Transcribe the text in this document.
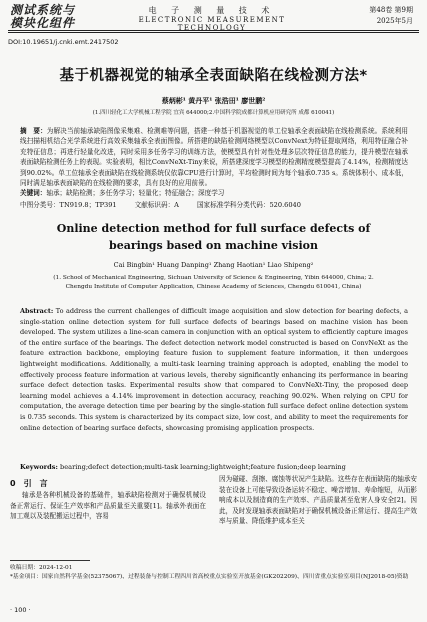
测试系统与 模块化组件
电 子 测 量 技 术
ELECTRONIC MEASUREMENT TECHNOLOGY
第48卷 第9期
2025年5月
DOI:10.19651/j.cnki.emt.2417502
基于机器视觉的轴承全表面缺陷在线检测方法*
蔡炳彬¹ 黄丹平¹ 张浩田¹ 廖世鹏²
(1.四川轻化工大学机械工程学院 宜宾 644000;2.中国科学院成都计算机应用研究所 成都 610041)
摘　要：为解决当前轴承缺陷图像采集难、检测难等问题，搭建一种基于机器视觉的单工位轴承全表面缺陷在线检测系统。系统利用线扫描相机结合光学系统进行高效采集轴承全表面图像。所搭建的缺陷检测网络模型以ConvNext为特征提取网络，利用特征融合补充特征信息；再进行轻量化改进，同时采用多任务学习的训练方法，使模型具有针对性处理多层次特征信息的能力，提升模型在轴承表面缺陷检测任务上的表现。实验表明，相比ConvNeXt-Tiny来说，所搭建深度学习模型的检测精度模型提高了4.14%，检测精度达到90.02%。单工位轴承全表面缺陷在线检测系统仅依靠CPU进行计算时，平均检测时间为每个轴承0.735 s。系统体积小、成本低，同时满足轴承表面缺陷的在线检测的要求，具有良好的应用前景。
关键词：轴承；缺陷检测；多任务学习；轻量化；特征融合；深度学习
中图分类号：TN919.8；TP391	文献标识码：A	国家标准学科分类代码：520.6040
Online detection method for full surface defects of bearings based on machine vision
Cai Bingbin¹ Huang Danping¹ Zhang Haotian¹ Liao Shipeng²
(1. School of Mechanical Engineering, Sichuan University of Science & Engineering, Yibin 644000, China; 2. Chengdu Institute of Computer Application, Chinese Academy of Sciences, Chengdu 610041, China)
Abstract: To address the current challenges of difficult image acquisition and slow detection for bearing defects, a single-station online detection system for full surface defects of bearings based on machine vision has been developed. The system utilizes a line-scan camera in conjunction with an optical system to efficiently capture images of the entire surface of the bearings. The defect detection network model constructed is based on ConvNeXt as the feature extraction backbone, employing feature fusion to supplement feature information, it then undergoes lightweight modifications. Additionally, a multi-task learning training approach is adopted, enabling the model to effectively process feature information at various levels, thereby significantly enhancing its performance in bearing surface defect detection tasks. Experimental results show that compared to ConvNeXt-Tiny, the proposed deep learning model achieves a 4.14% improvement in detection accuracy, reaching 90.02%. When relying on CPU for computation, the average detection time per bearing by the single-station full surface defect online detection system is 0.735 seconds. This system is characterized by its compact size, low cost, and ability to meet the requirements for online detection of bearing surface defects, showcasing promising application prospects.
Keywords: bearing;defect detection;multi-task learning;lightweight;feature fusion;deep learning
0　引　言
轴承是各种机械设备的基础件，轴承缺陷检测对于确保机械设备正常运行、保证生产效率和产品质量至关重要[1]。轴承外表面在加工观以及装配搬运过程中，容易
因为碰碰、刮擦、腐蚀等状况产生缺陷。这些存在表面缺陷的轴承安装在设备上可能导致设备运转不稳定、噪音增加、寿命缩短，从而影响成本以及制造商的生产效率、产品质量甚至危害人身安全[2]。因此，及时发现轴承表面缺陷对于确保机械设备正常运行、提高生产效率与质量、降低维护成本至关
收稿日期：2024-12-01
*基金项目：国家自然科学基金(52375067)、过程装备与控制工程四川省高校重点实验室开放基金(GK202209)、四川省重点实验室项目(NJ2018-05)资助
· 100 ·
